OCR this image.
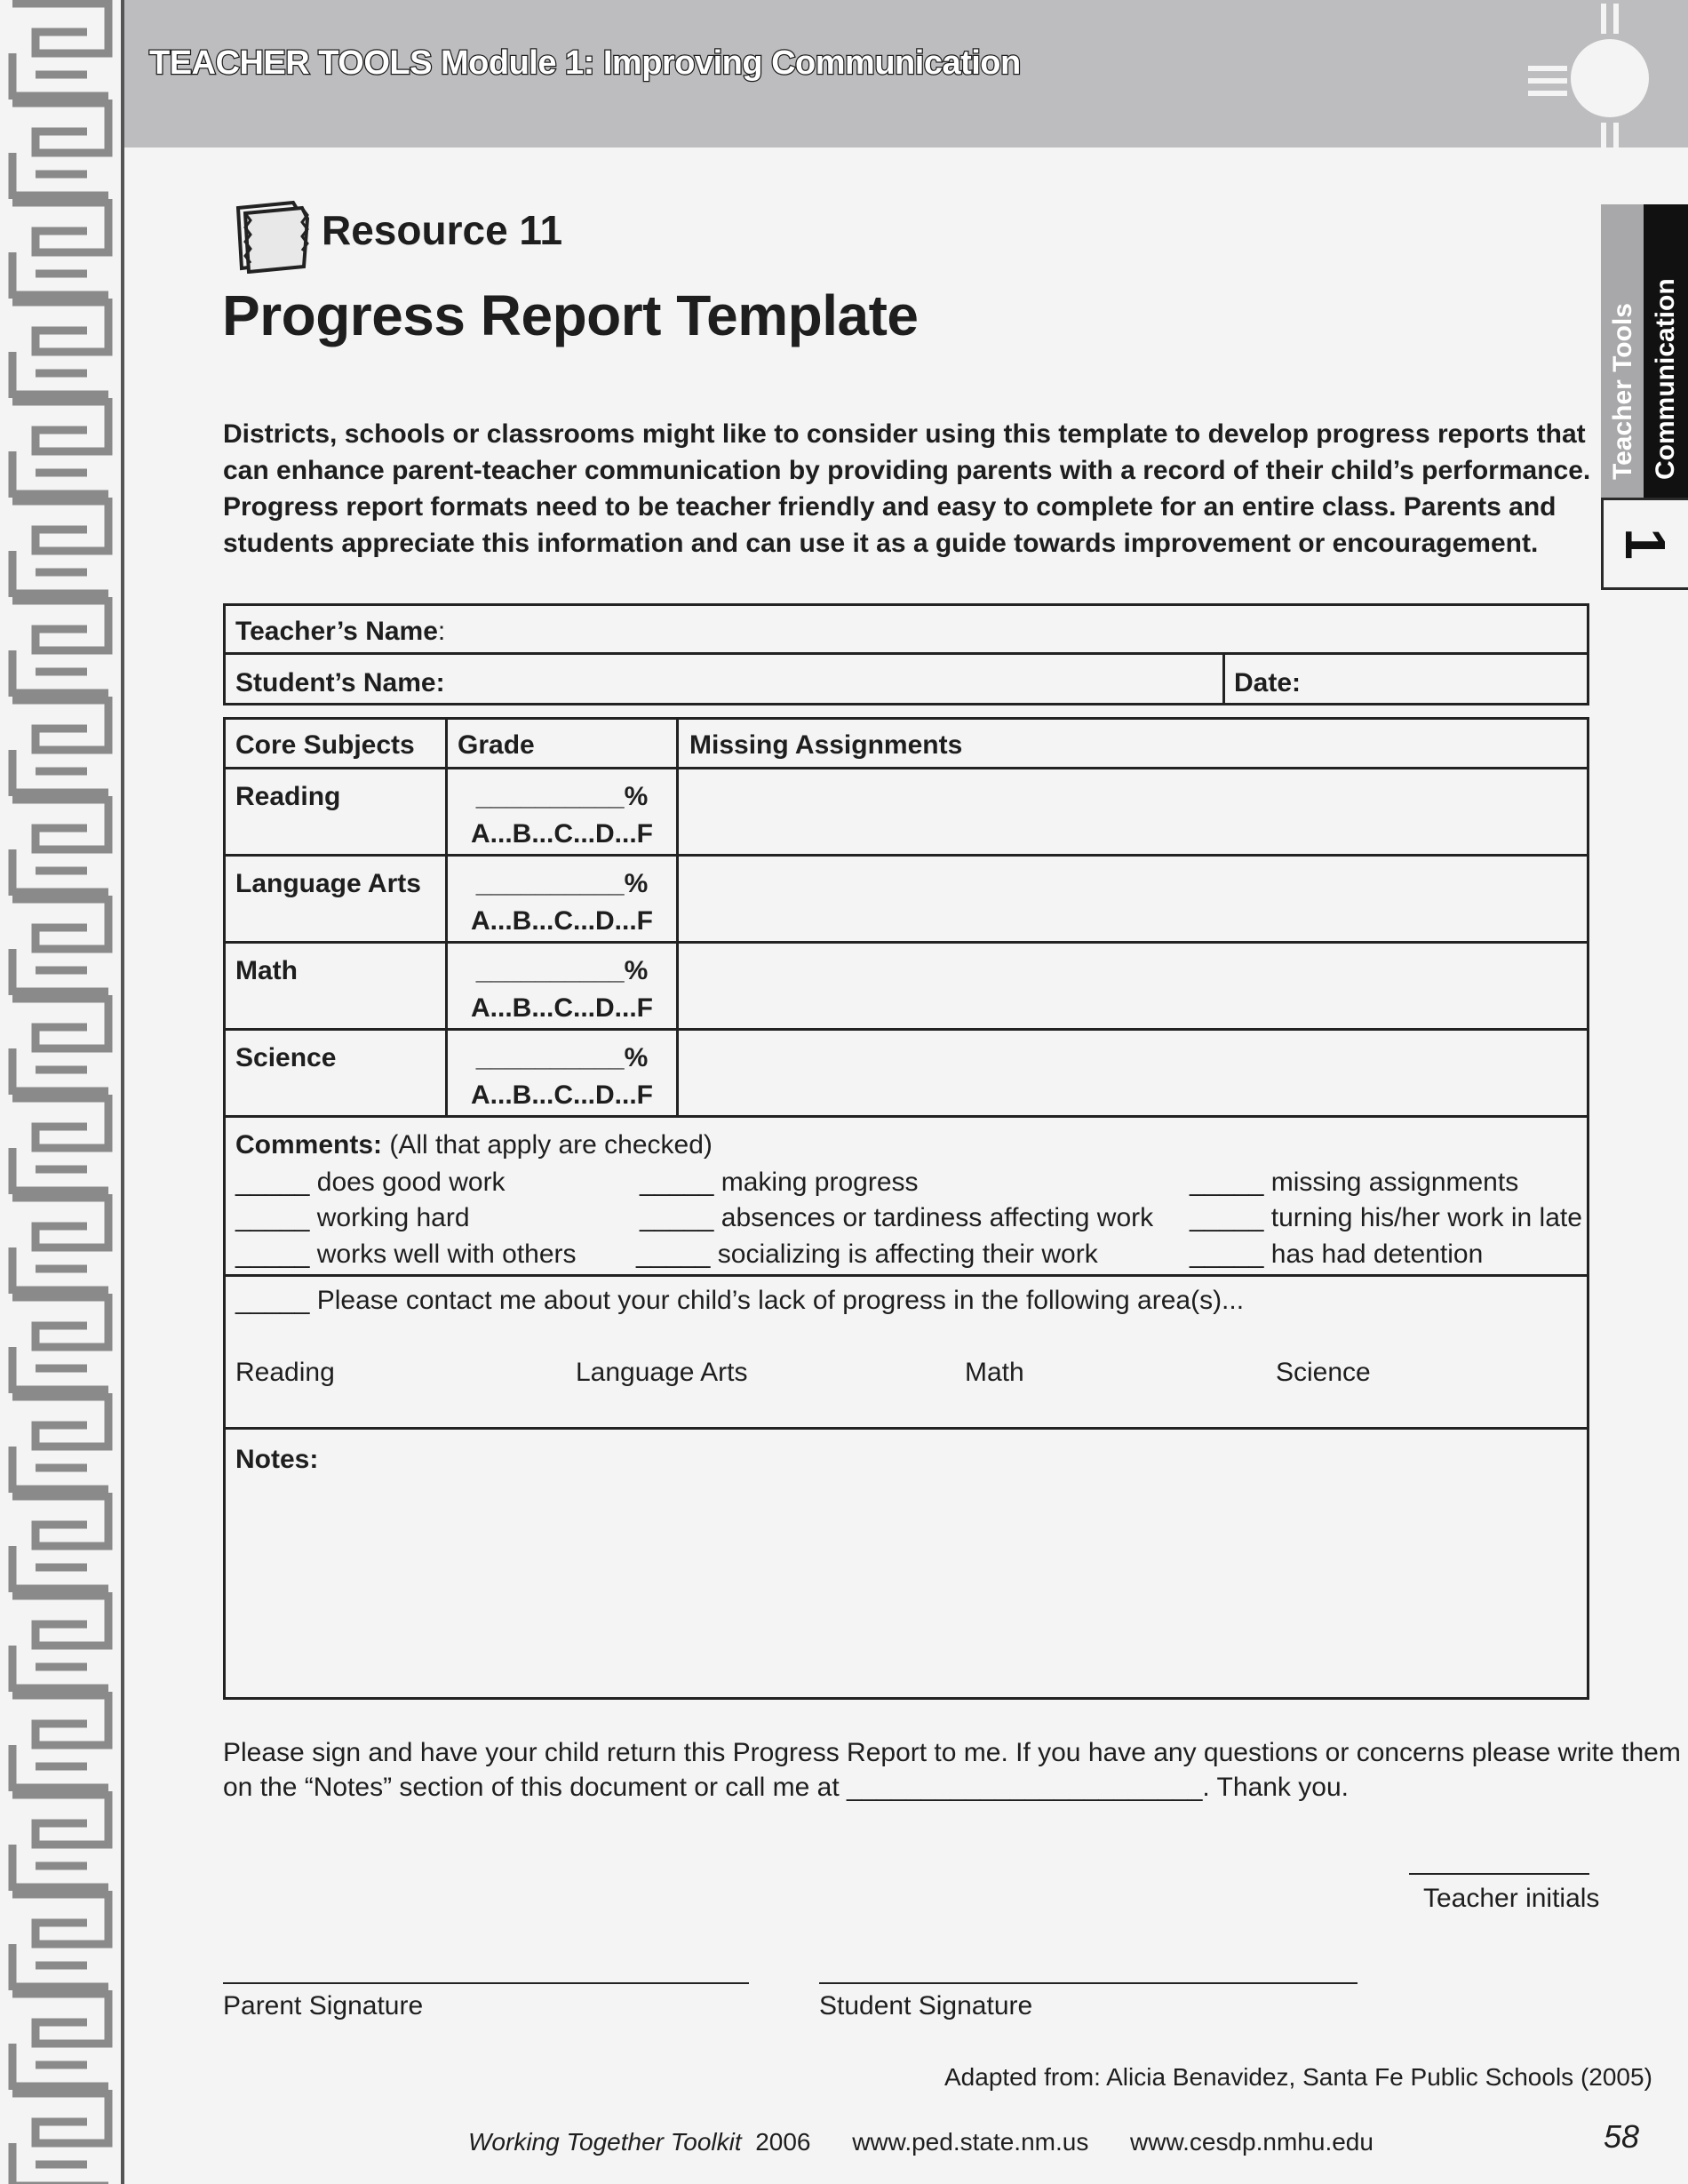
TEACHER TOOLS Module 1: Improving Communication
Teacher Tools Communication
1
Resource 11
Progress Report Template

Districts, schools or classrooms might like to consider using this template to develop progress reports that can enhance parent-teacher communication by providing parents with a record of their child’s performance.

Progress report formats need to be teacher friendly and easy to complete for an entire class. Parents and students appreciate this information and can use it as a guide towards improvement or encouragement.

Teacher’s Name:
Student’s Name:	Date:
Core Subjects Grade	Missing Assignments
Reading	__________%
A...B...C...D...F
Language Arts	__________%
A...B...C...D...F
Math	__________%
A...B...C...D...F
Science	__________%
A...B...C...D...F
Comments: (All that apply are checked)
_____ does good work	_____ making progress	_____ missing assignments
_____ working hard	_____ absences or tardiness affecting work _____ turning his/her work in late
_____ works well with others _____ socializing is affecting their work	_____ has had detention
_____ Please contact me about your child’s lack of progress in the following area(s)...
Reading	Language Arts	Math	Science
Notes:
Please sign and have your child return this Progress Report to me. If you have any questions or concerns please write them
on the “Notes” section of this document or call me at ________________________. Thank you.
Teacher initials
Parent Signature	Student Signature
Adapted from: Alicia Benavidez, Santa Fe Public Schools (2005)
Working Together Toolkit 2006 www.ped.state.nm.us www.cesdp.nmhu.edu	58
